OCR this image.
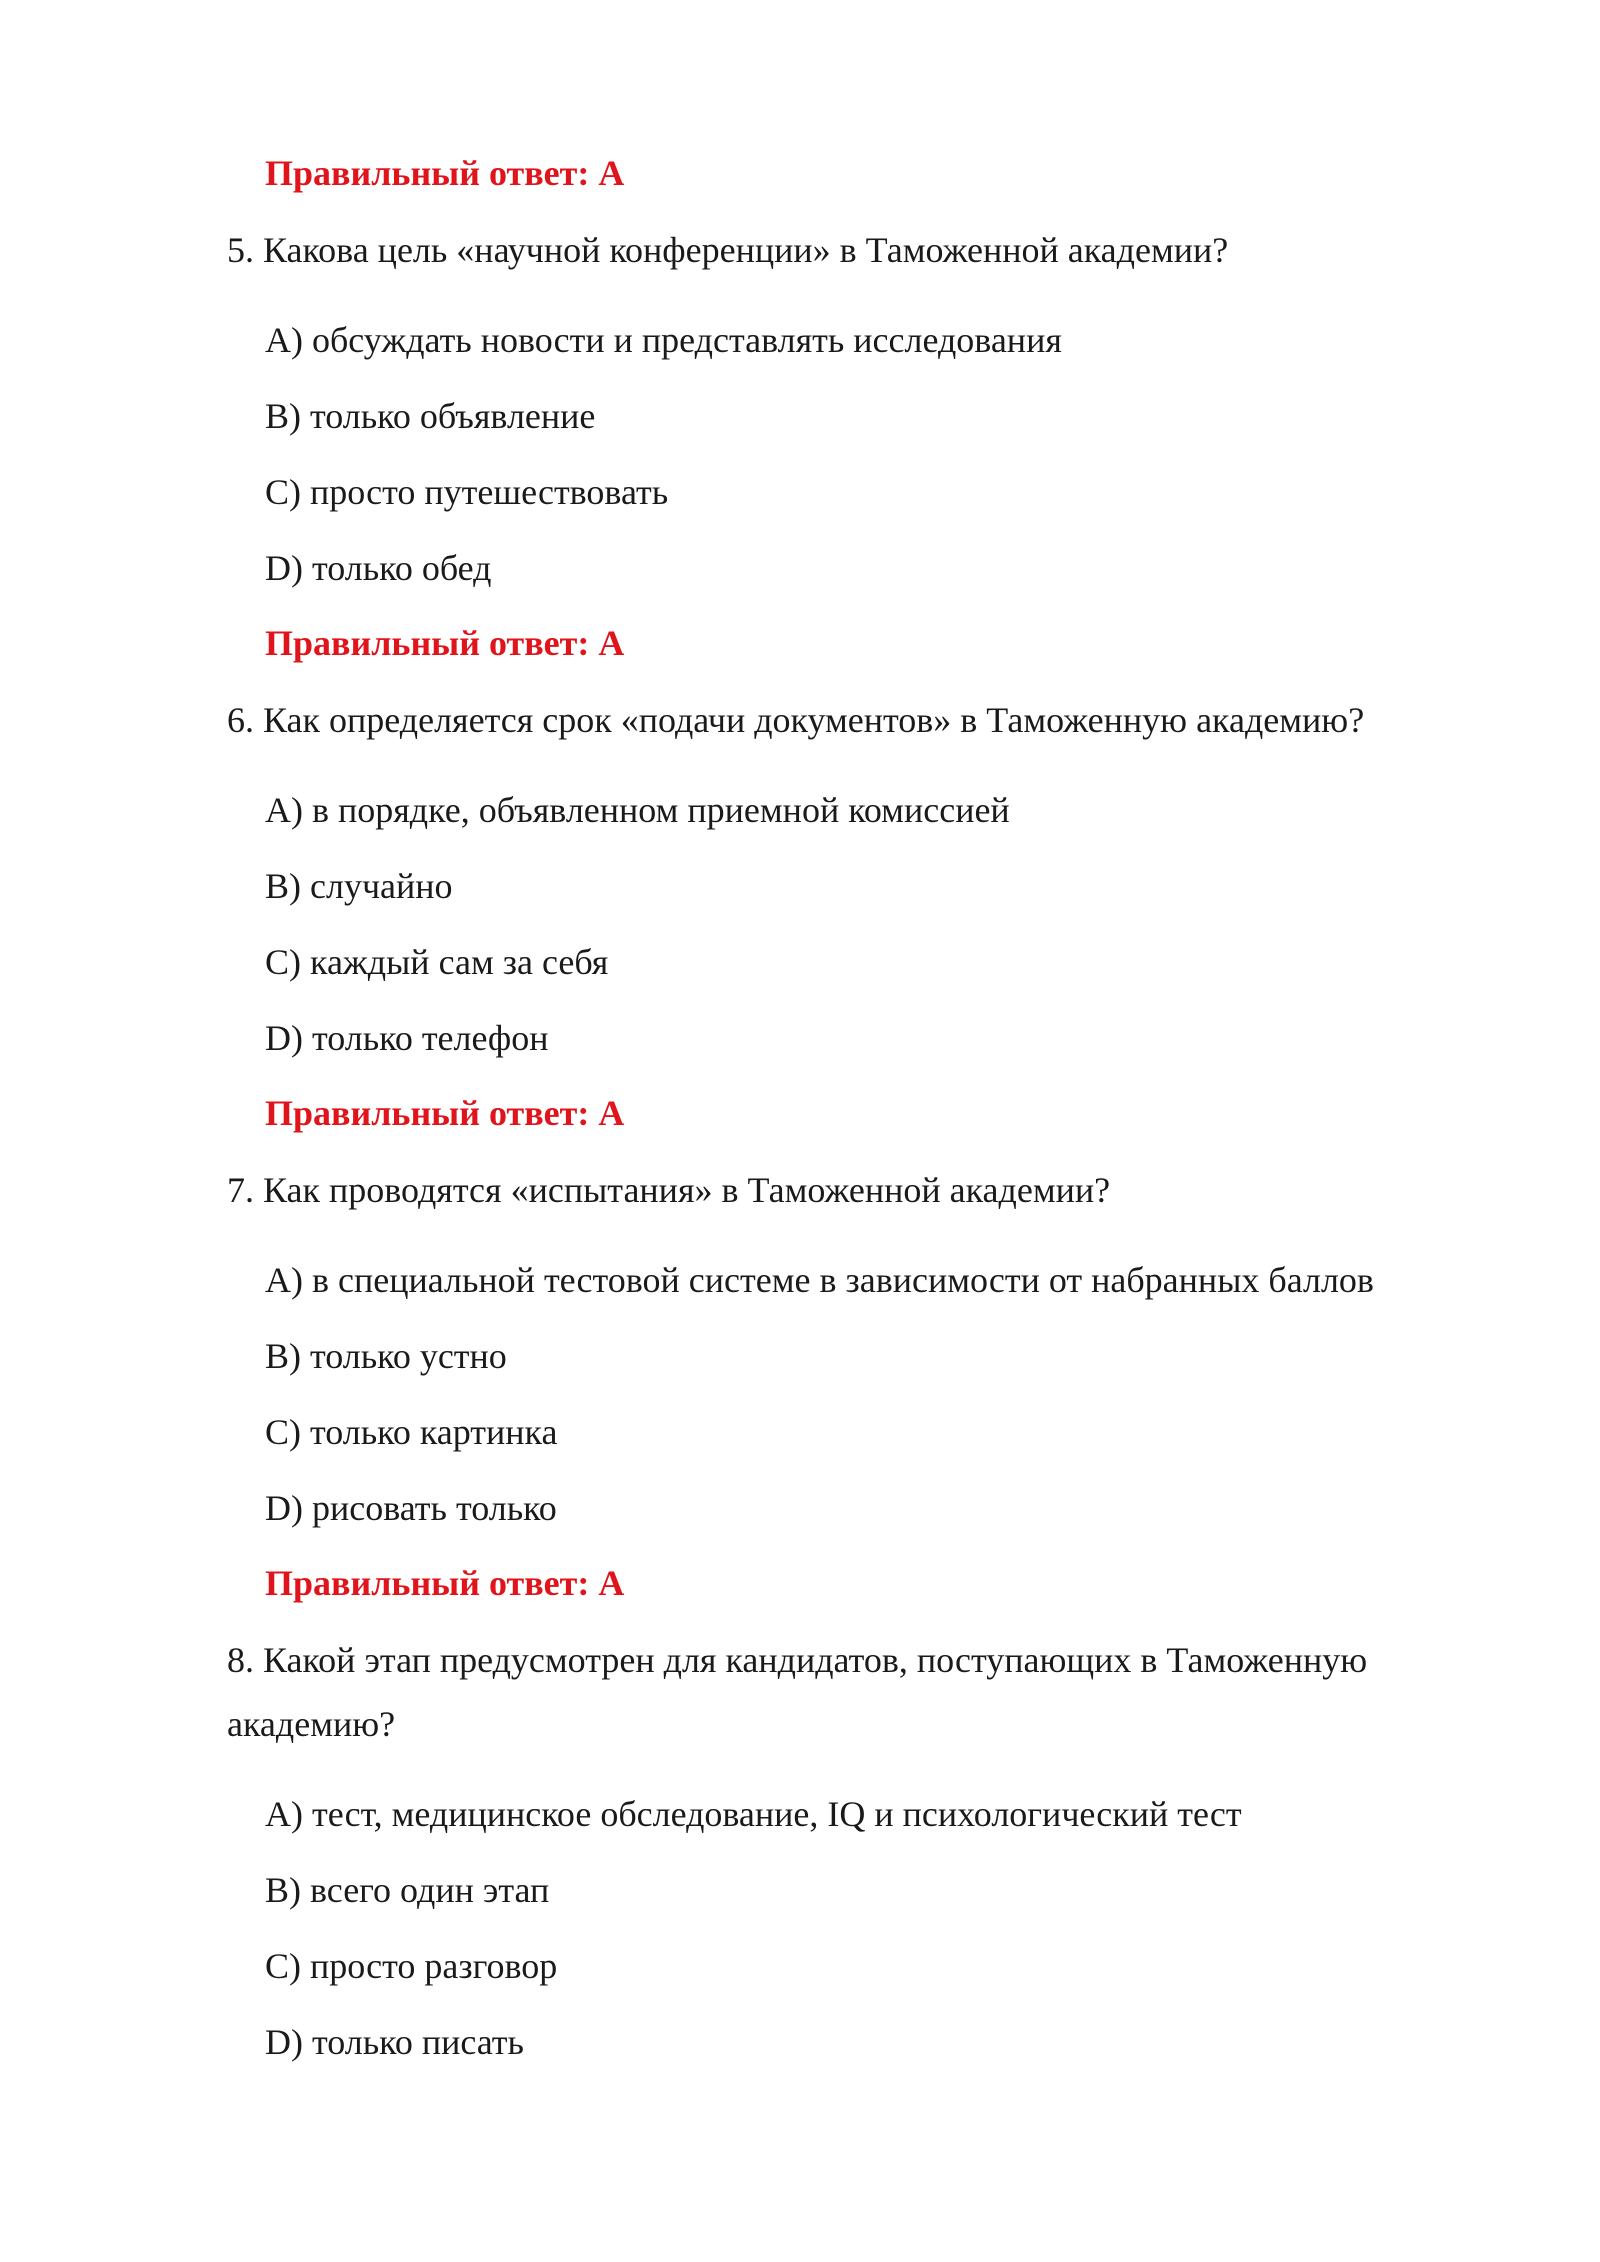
Правильный ответ: A
5. Какова цель «научной конференции» в Таможенной академии?
A) обсуждать новости и представлять исследования
B) только объявление
C) просто путешествовать
D) только обед
Правильный ответ: A
6. Как определяется срок «подачи документов» в Таможенную академию?
A) в порядке, объявленном приемной комиссией
B) случайно
C) каждый сам за себя
D) только телефон
Правильный ответ: A
7. Как проводятся «испытания» в Таможенной академии?
A) в специальной тестовой системе в зависимости от набранных баллов
B) только устно
C) только картинка
D) рисовать только
Правильный ответ: A
8. Какой этап предусмотрен для кандидатов, поступающих в Таможенную
академию?
A) тест, медицинское обследование, IQ и психологический тест
B) всего один этап
C) просто разговор
D) только писать
